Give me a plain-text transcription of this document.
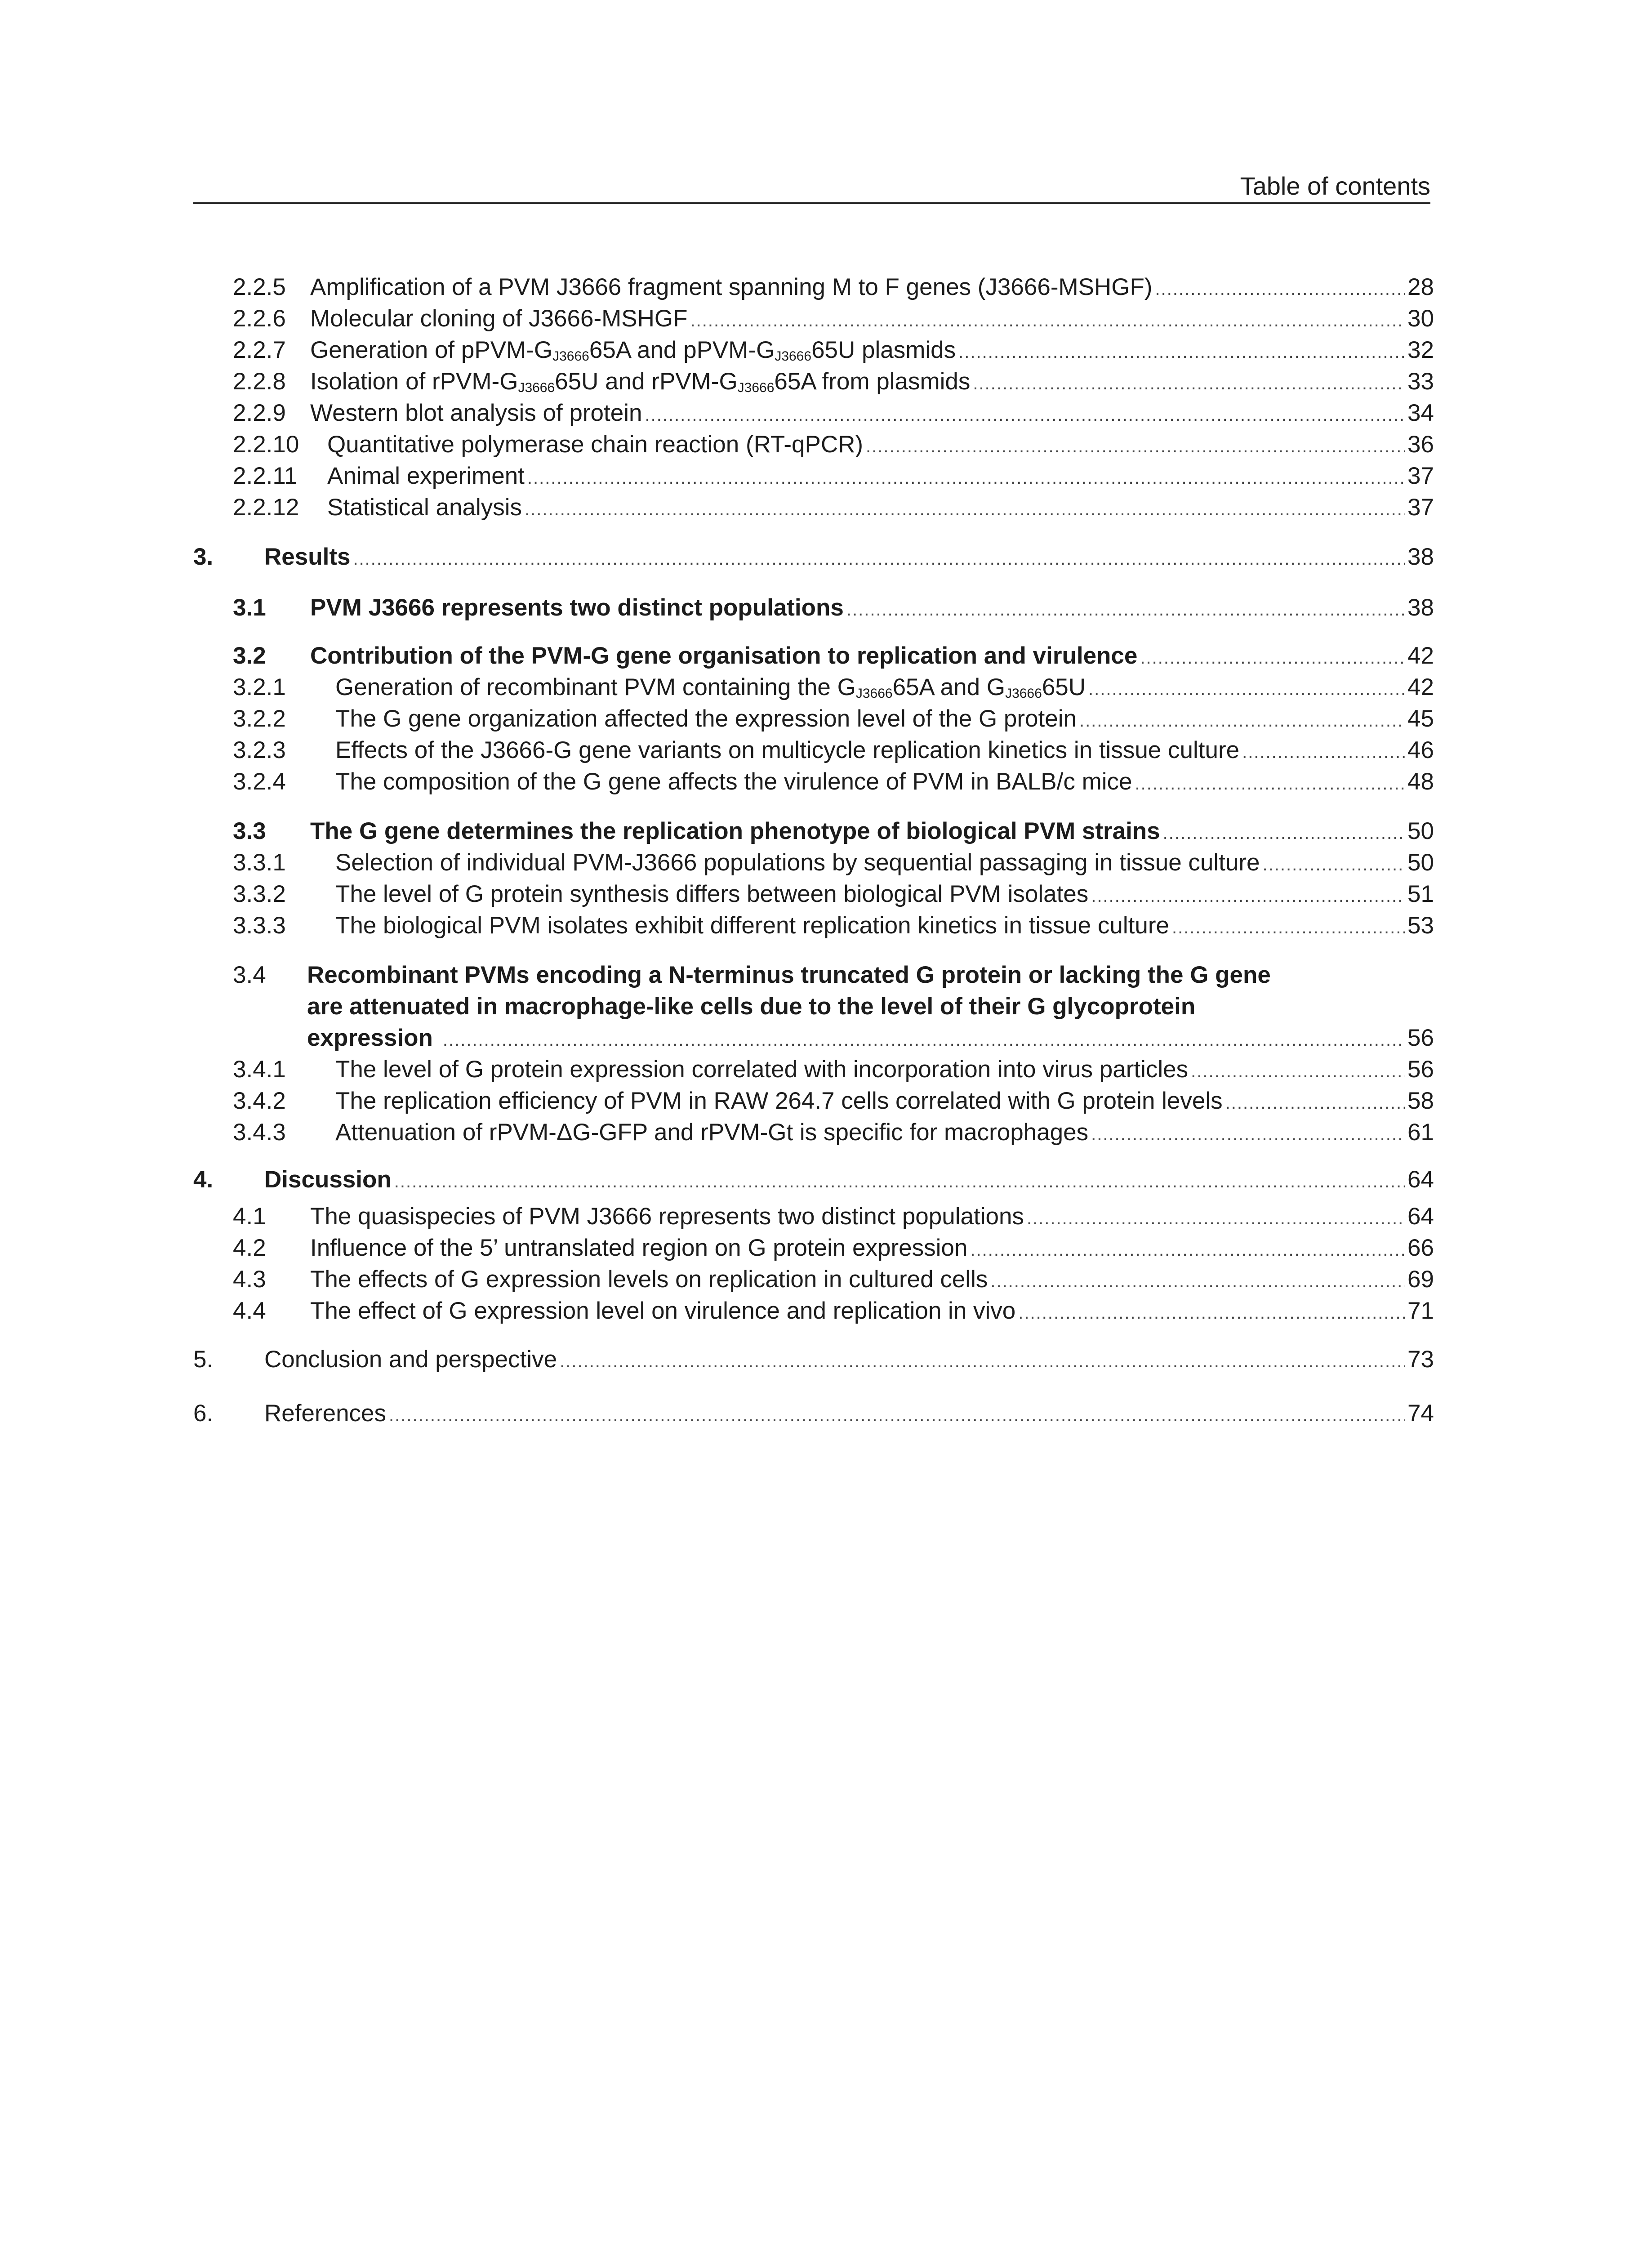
Table of contents
2.2.5	Amplification of a PVM J3666 fragment spanning M to F genes (J3666-MSHGF) .....	28
2.2.6	Molecular cloning of J3666-MSHGF .....	30
2.2.7	Generation of pPVM-$G_{J3666}65A$ and pPVM-$G_{J3666}65U$ plasmids .....	32
2.2.8	Isolation of rPVM-$G_{J3666}65U$ and rPVM-$G_{J3666}65A$ from plasmids .....	33
2.2.9	Western blot analysis of protein .....	34
2.2.10	Quantitative polymerase chain reaction (RT-qPCR) .....	36
2.2.11	Animal experiment .....	37
2.2.12	Statistical analysis .....	37
3.	Results .....	38
3.1	PVM J3666 represents two distinct populations .....	38
3.2	Contribution of the PVM-G gene organisation to replication and virulence .....	42
3.2.1	Generation of recombinant PVM containing the $G_{J3666}65A$ and $G_{J3666}65U$ .....	42
3.2.2	The G gene organization affected the expression level of the G protein .....	45
3.2.3	Effects of the J3666-G gene variants on multicycle replication kinetics in tissue culture .....	46
3.2.4	The composition of the G gene affects the virulence of PVM in BALB/c mice .....	48
3.3	The G gene determines the replication phenotype of biological PVM strains .....	50
3.3.1	Selection of individual PVM-J3666 populations by sequential passaging in tissue culture .....	50
3.3.2	The level of G protein synthesis differs between biological PVM isolates .....	51
3.3.3	The biological PVM isolates exhibit different replication kinetics in tissue culture .....	53
3.4 Recombinant PVMs encoding a N-terminus truncated G protein or lacking the G gene
are attenuated in macrophage-like cells due to the level of their G glycoprotein
expression .....	56
3.4.1	The level of G protein expression correlated with incorporation into virus particles .....	56
3.4.2	The replication efficiency of PVM in RAW 264.7 cells correlated with G protein levels .....	58
3.4.3	Attenuation of rPVM-ΔG-GFP and rPVM-Gt is specific for macrophages .....	61
4.	Discussion .....	64
4.1	The quasispecies of PVM J3666 represents two distinct populations .....	64
4.2	Influence of the 5’ untranslated region on G protein expression .....	66
4.3	The effects of G expression levels on replication in cultured cells .....	69
4.4	The effect of G expression level on virulence and replication in vivo .....	71
5.	Conclusion and perspective .....	73
6.	References .....	74
